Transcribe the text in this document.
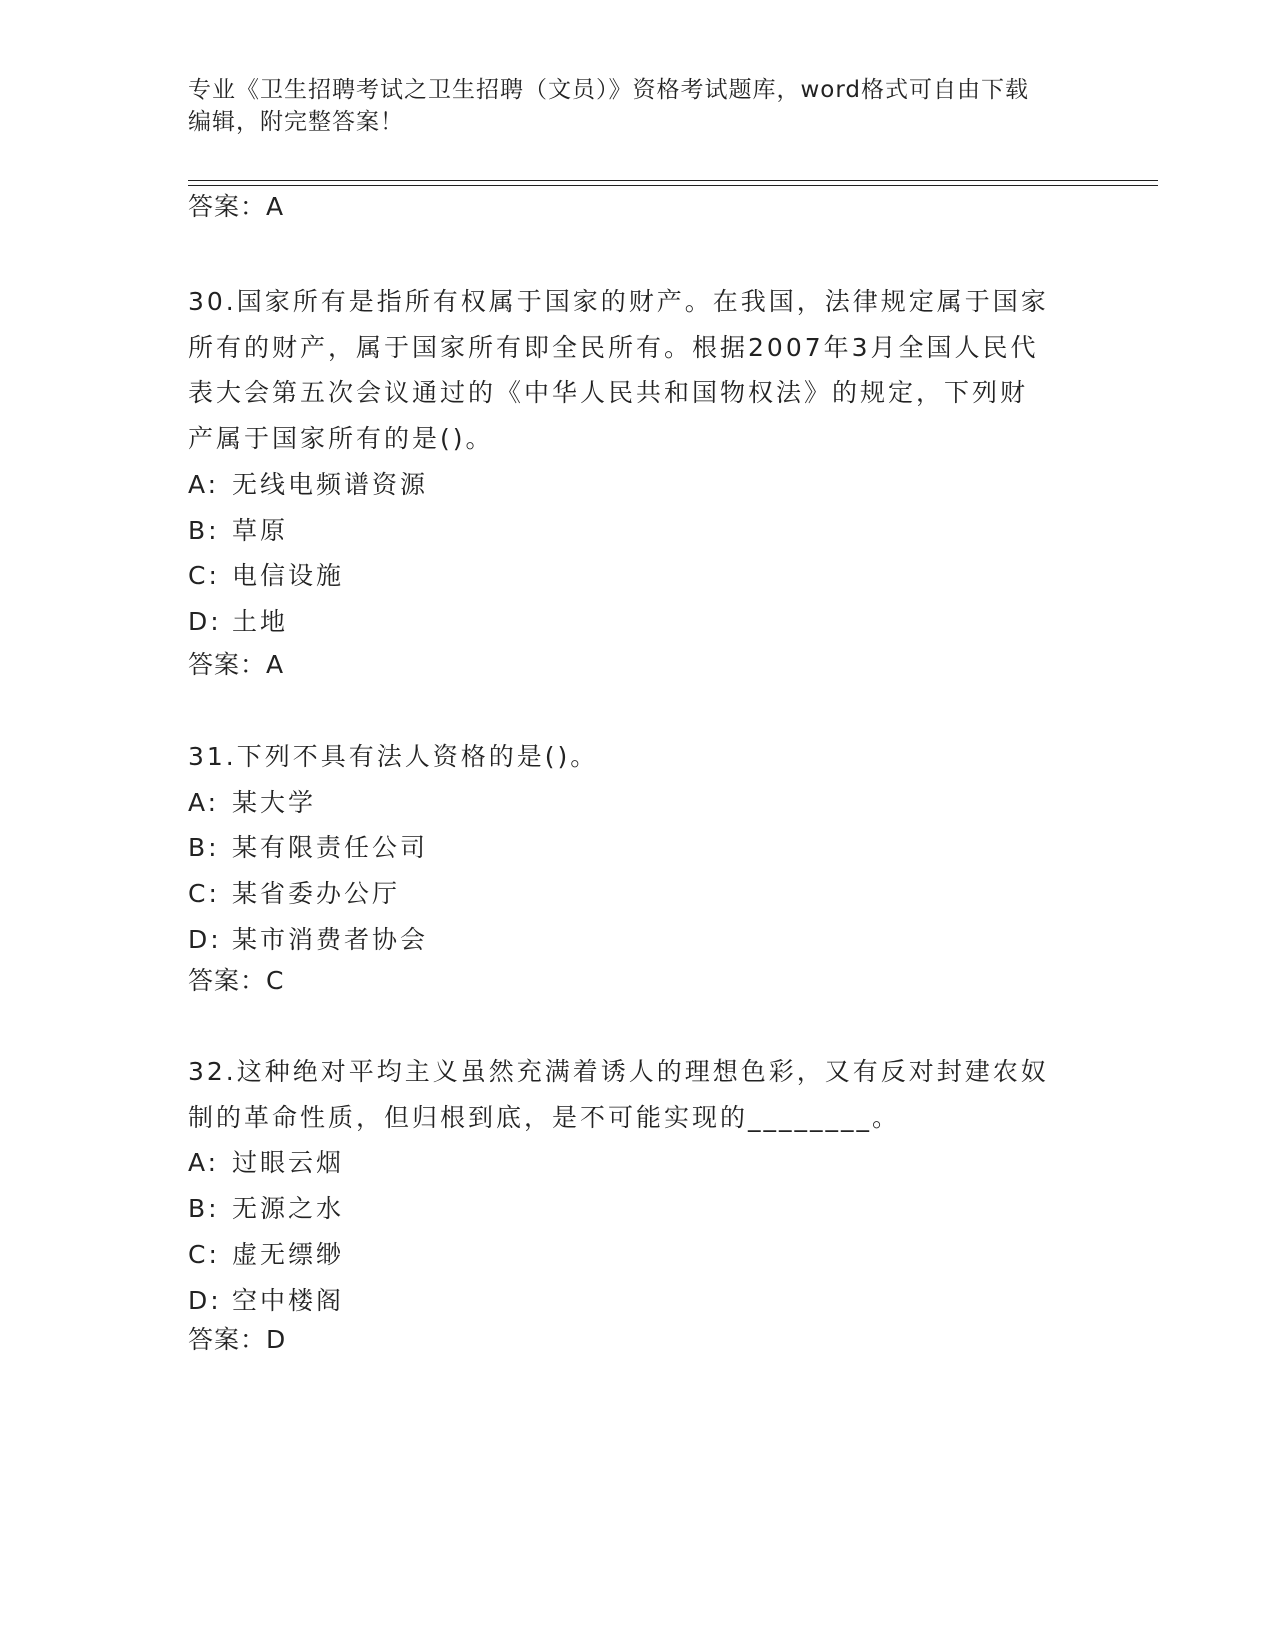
专业《卫生招聘考试之卫生招聘（文员）》资格考试题库，word格式可自由下载
编辑，附完整答案！
答案：A
30.国家所有是指所有权属于国家的财产。在我国，法律规定属于国家
所有的财产，属于国家所有即全民所有。根据2007年3月全国人民代
表大会第五次会议通过的《中华人民共和国物权法》的规定，下列财
产属于国家所有的是()。
A: 无线电频谱资源
B: 草原
C: 电信设施
D: 土地
答案：A
31.下列不具有法人资格的是()。
A: 某大学
B: 某有限责任公司
C: 某省委办公厅
D: 某市消费者协会
答案：C
32.这种绝对平均主义虽然充满着诱人的理想色彩，又有反对封建农奴
制的革命性质，但归根到底，是不可能实现的________。
A: 过眼云烟
B: 无源之水
C: 虚无缥缈
D: 空中楼阁
答案：D
